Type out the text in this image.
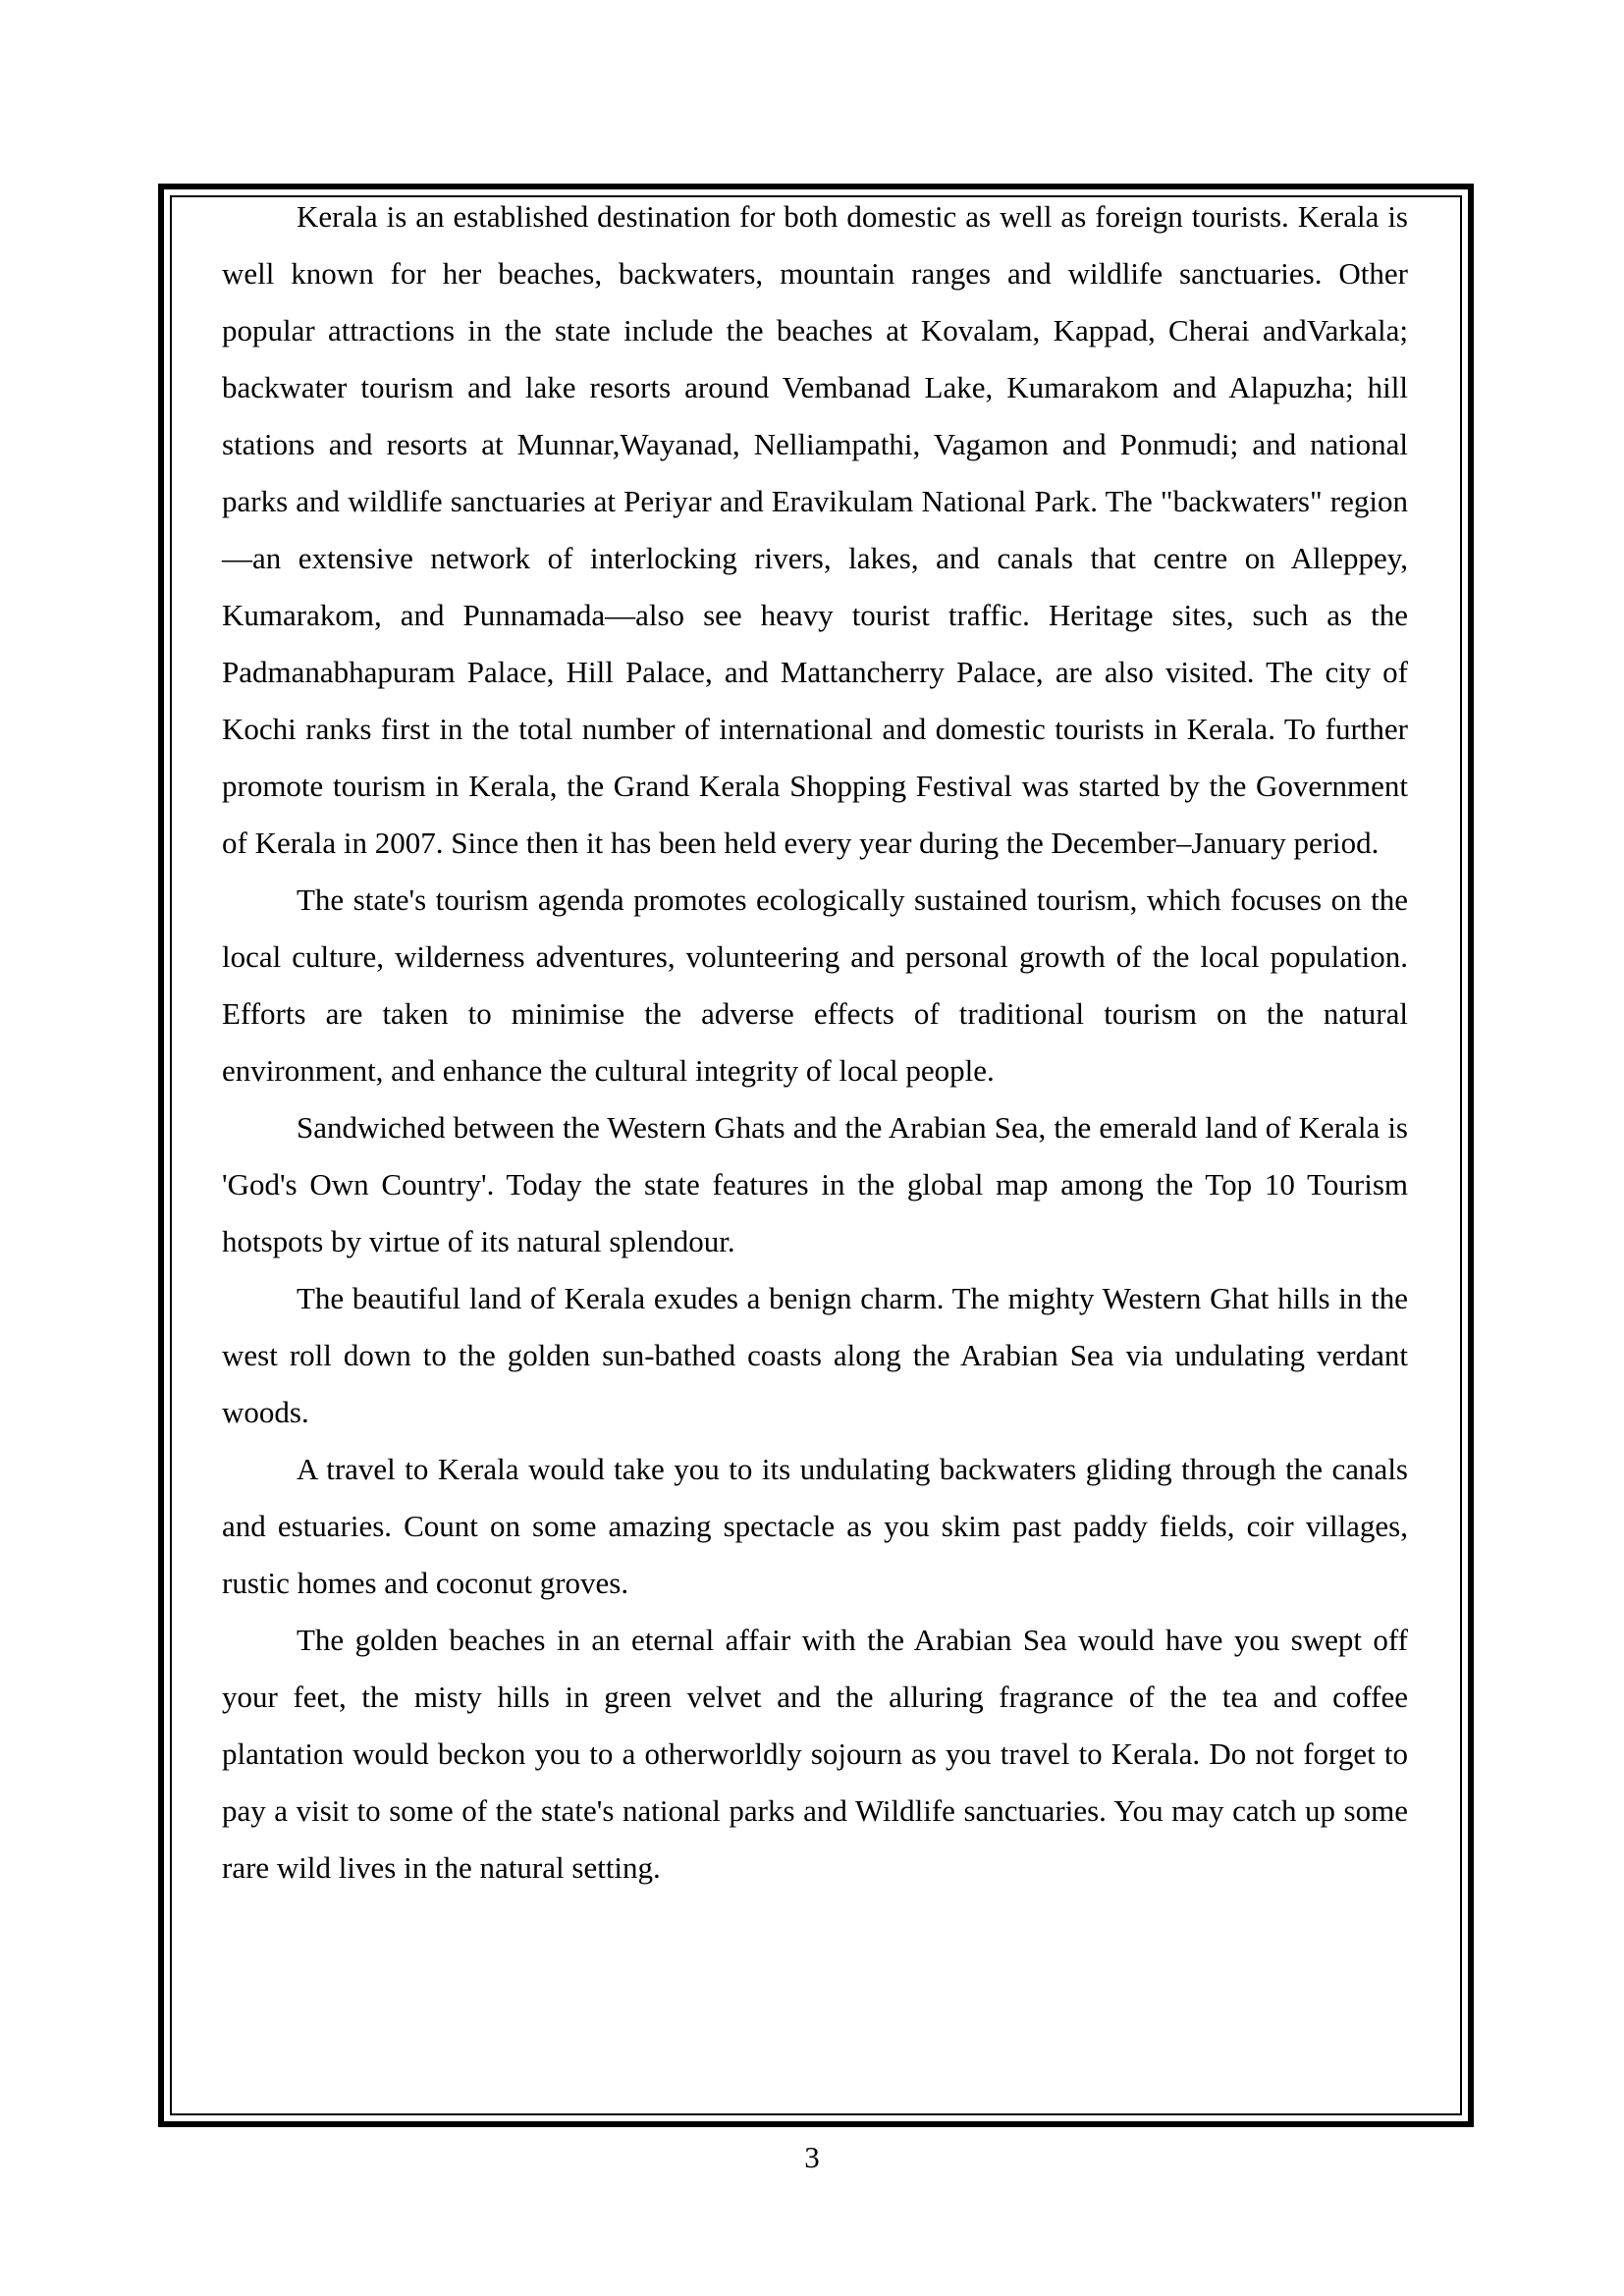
Kerala is an established destination for both domestic as well as foreign tourists. Kerala is well known for her beaches, backwaters, mountain ranges and wildlife sanctuaries. Other popular attractions in the state include the beaches at Kovalam, Kappad, Cherai andVarkala; backwater tourism and lake resorts around Vembanad Lake, Kumarakom and Alapuzha; hill stations and resorts at Munnar,Wayanad, Nelliampathi, Vagamon and Ponmudi; and national parks and wildlife sanctuaries at Periyar and Eravikulam National Park. The "backwaters" region—an extensive network of interlocking rivers, lakes, and canals that centre on Alleppey, Kumarakom, and Punnamada—also see heavy tourist traffic. Heritage sites, such as the Padmanabhapuram Palace, Hill Palace, and Mattancherry Palace, are also visited. The city of Kochi ranks first in the total number of international and domestic tourists in Kerala. To further promote tourism in Kerala, the Grand Kerala Shopping Festival was started by the Government of Kerala in 2007. Since then it has been held every year during the December–January period.

The state's tourism agenda promotes ecologically sustained tourism, which focuses on the local culture, wilderness adventures, volunteering and personal growth of the local population. Efforts are taken to minimise the adverse effects of traditional tourism on the natural environment, and enhance the cultural integrity of local people.

Sandwiched between the Western Ghats and the Arabian Sea, the emerald land of Kerala is 'God's Own Country'. Today the state features in the global map among the Top 10 Tourism hotspots by virtue of its natural splendour.

The beautiful land of Kerala exudes a benign charm. The mighty Western Ghat hills in the west roll down to the golden sun-bathed coasts along the Arabian Sea via undulating verdant woods.

A travel to Kerala would take you to its undulating backwaters gliding through the canals and estuaries. Count on some amazing spectacle as you skim past paddy fields, coir villages, rustic homes and coconut groves.

The golden beaches in an eternal affair with the Arabian Sea would have you swept off your feet, the misty hills in green velvet and the alluring fragrance of the tea and coffee plantation would beckon you to a otherworldly sojourn as you travel to Kerala. Do not forget to pay a visit to some of the state's national parks and Wildlife sanctuaries. You may catch up some rare wild lives in the natural setting.

3
